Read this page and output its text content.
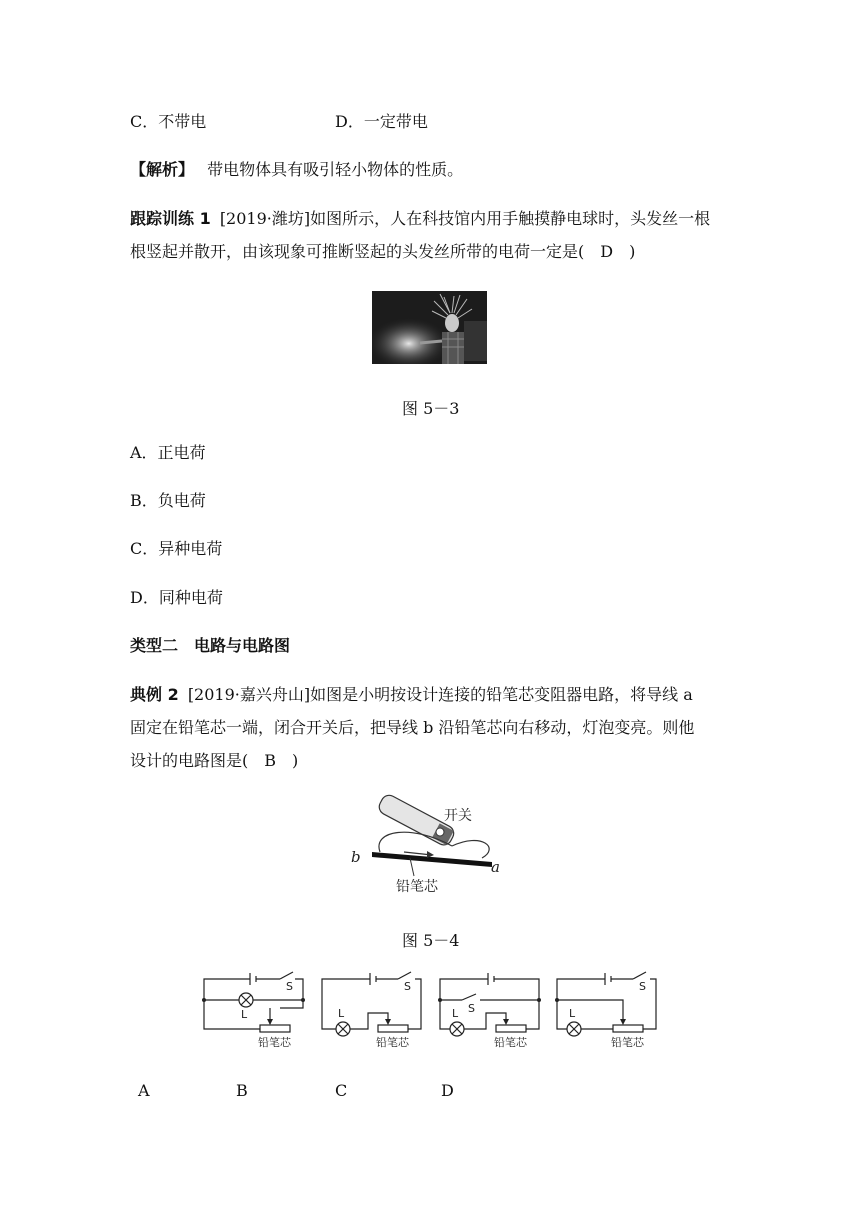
C．不带电	D．一定带电
【解析】 带电物体具有吸引轻小物体的性质。
跟踪训练 1 [2019·潍坊]如图所示，人在科技馆内用手触摸静电球时，头发丝一根
根竖起并散开，由该现象可推断竖起的头发丝所带的电荷一定是(　D　)
图 5－3
A．正电荷
B．负电荷
C．异种电荷
D．同种电荷
类型二　电路与电路图
典例 2 [2019·嘉兴舟山]如图是小明按设计连接的铅笔芯变阻器电路，将导线 a
固定在铅笔芯一端，闭合开关后，把导线 b 沿铅笔芯向右移动，灯泡变亮。则他
设计的电路图是(　B　)
b
a
开关
铅笔芯
图 5－4
S
L
铅笔芯
S
L
铅笔芯
S
L
铅笔芯
S
L
铅笔芯
A	B	C	D
